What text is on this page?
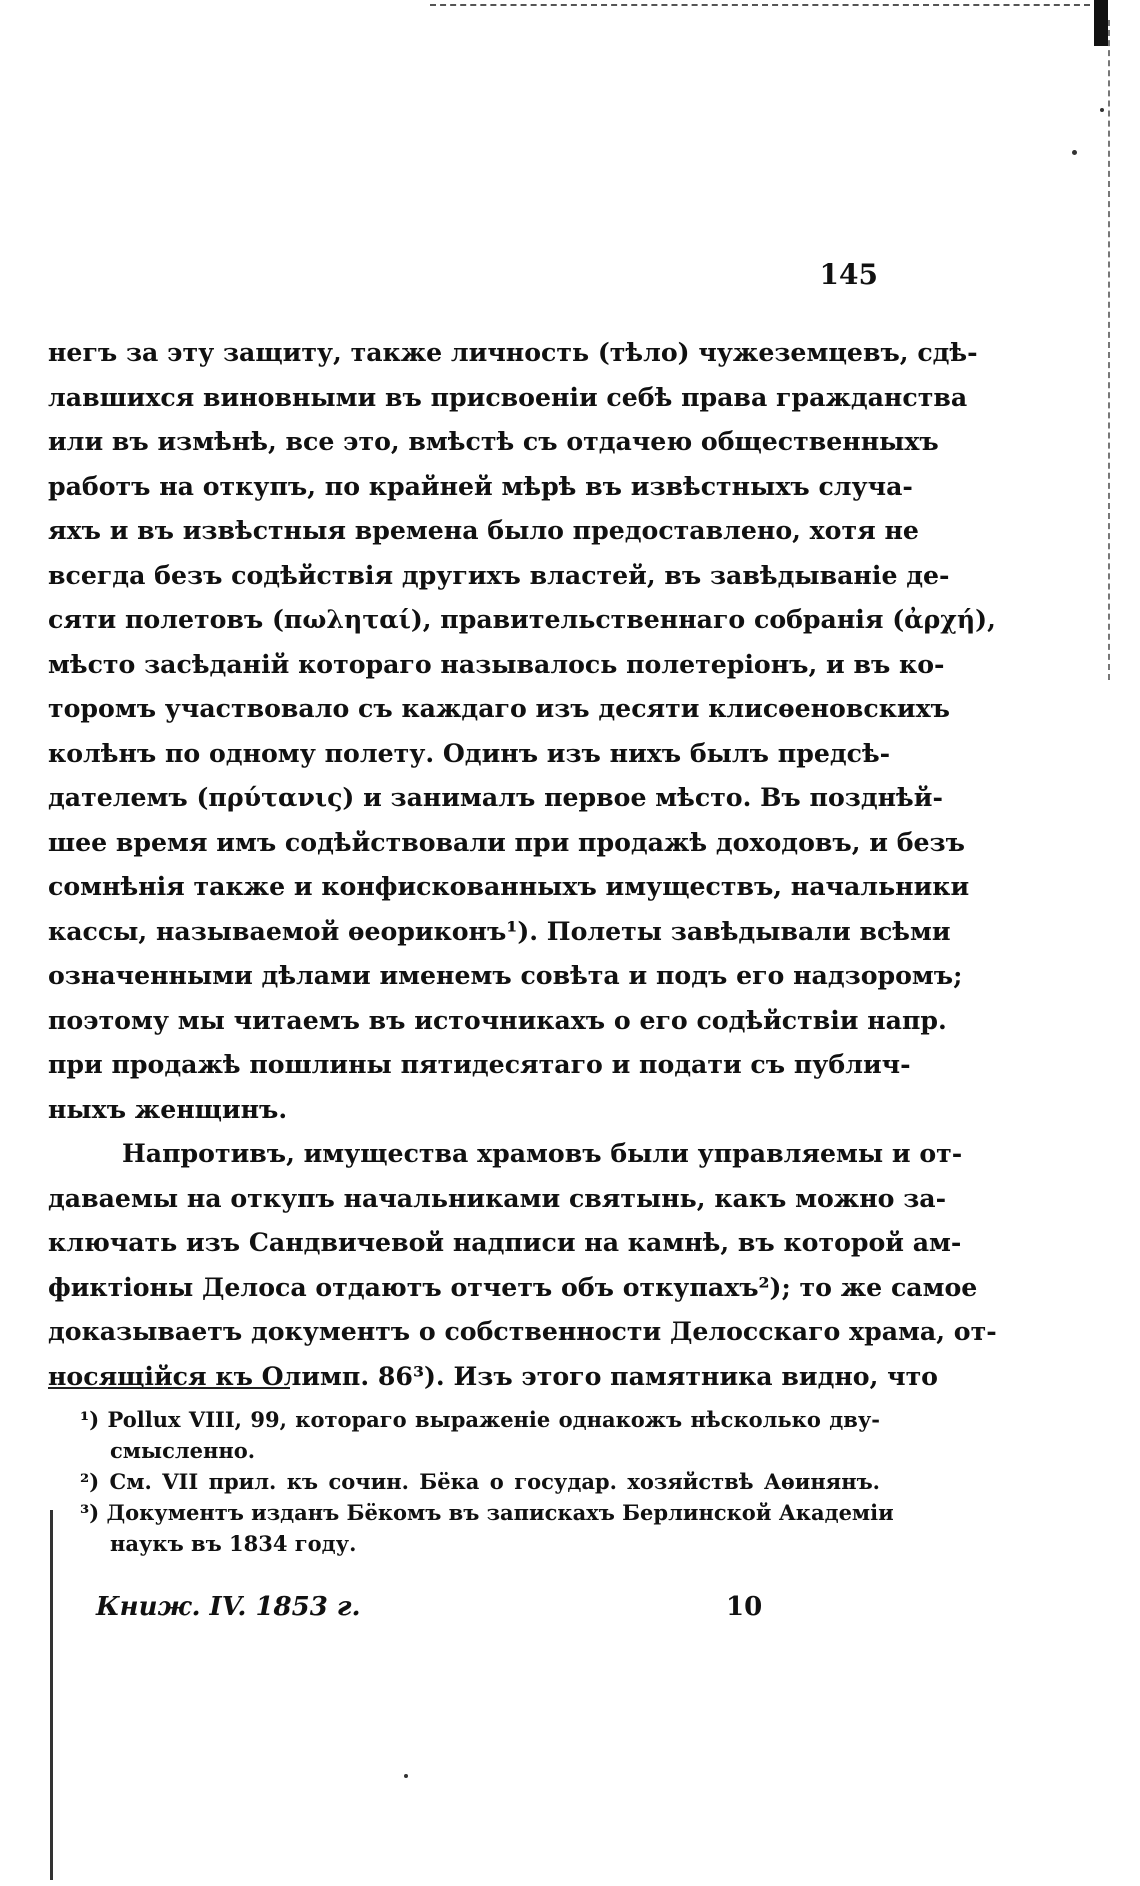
145
негъ за эту защиту, также личность (тѣло) чужеземцевъ, сдѣ-
лавшихся виновными въ присвоеніи себѣ права гражданства
или въ измѣнѣ, все это, вмѣстѣ съ отдачею общественныхъ
работъ на откупъ, по крайней мѣрѣ въ извѣстныхъ случа-
яхъ и въ извѣстныя времена было предоставлено, хотя не
всегда безъ содѣйствія другихъ властей, въ завѣдываніе де-
сяти полетовъ (πωληταί), правительственнаго собранія (ἀρχή),
мѣсто засѣданій котораго называлось полетеріонъ, и въ ко-
торомъ участвовало съ каждаго изъ десяти клисѳеновскихъ
колѣнъ по одному полету. Одинъ изъ нихъ былъ предсѣ-
дателемъ (πρύτανις) и занималъ первое мѣсто. Въ позднѣй-
шее время имъ содѣйствовали при продажѣ доходовъ, и безъ
сомнѣнія также и конфискованныхъ имуществъ, начальники
кассы, называемой ѳеориконъ¹). Полеты завѣдывали всѣми
означенными дѣлами именемъ совѣта и подъ его надзоромъ;
поэтому мы читаемъ въ источникахъ о его содѣйствіи напр.
при продажѣ пошлины пятидесятаго и подати съ публич-
ныхъ женщинъ.
Напротивъ, имущества храмовъ были управляемы и от-
даваемы на откупъ начальниками святынь, какъ можно за-
ключать изъ Сандвичевой надписи на камнѣ, въ которой ам-
фиктіоны Делоса отдаютъ отчетъ объ откупахъ²); то же самое
доказываетъ документъ о собственности Делосскаго храма, от-
носящійся къ Олимп. 86³). Изъ этого памятника видно, что
¹) Pollux VIII, 99, котораго выраженіе однакожъ нѣсколько дву-
смысленно.
²) См. VII прил. къ сочин. Бёка о государ. хозяйствѣ Аѳинянъ.
³) Документъ изданъ Бёкомъ въ запискахъ Берлинской Академіи
наукъ въ 1834 году.
Книж. IV. 1853 г.	10
